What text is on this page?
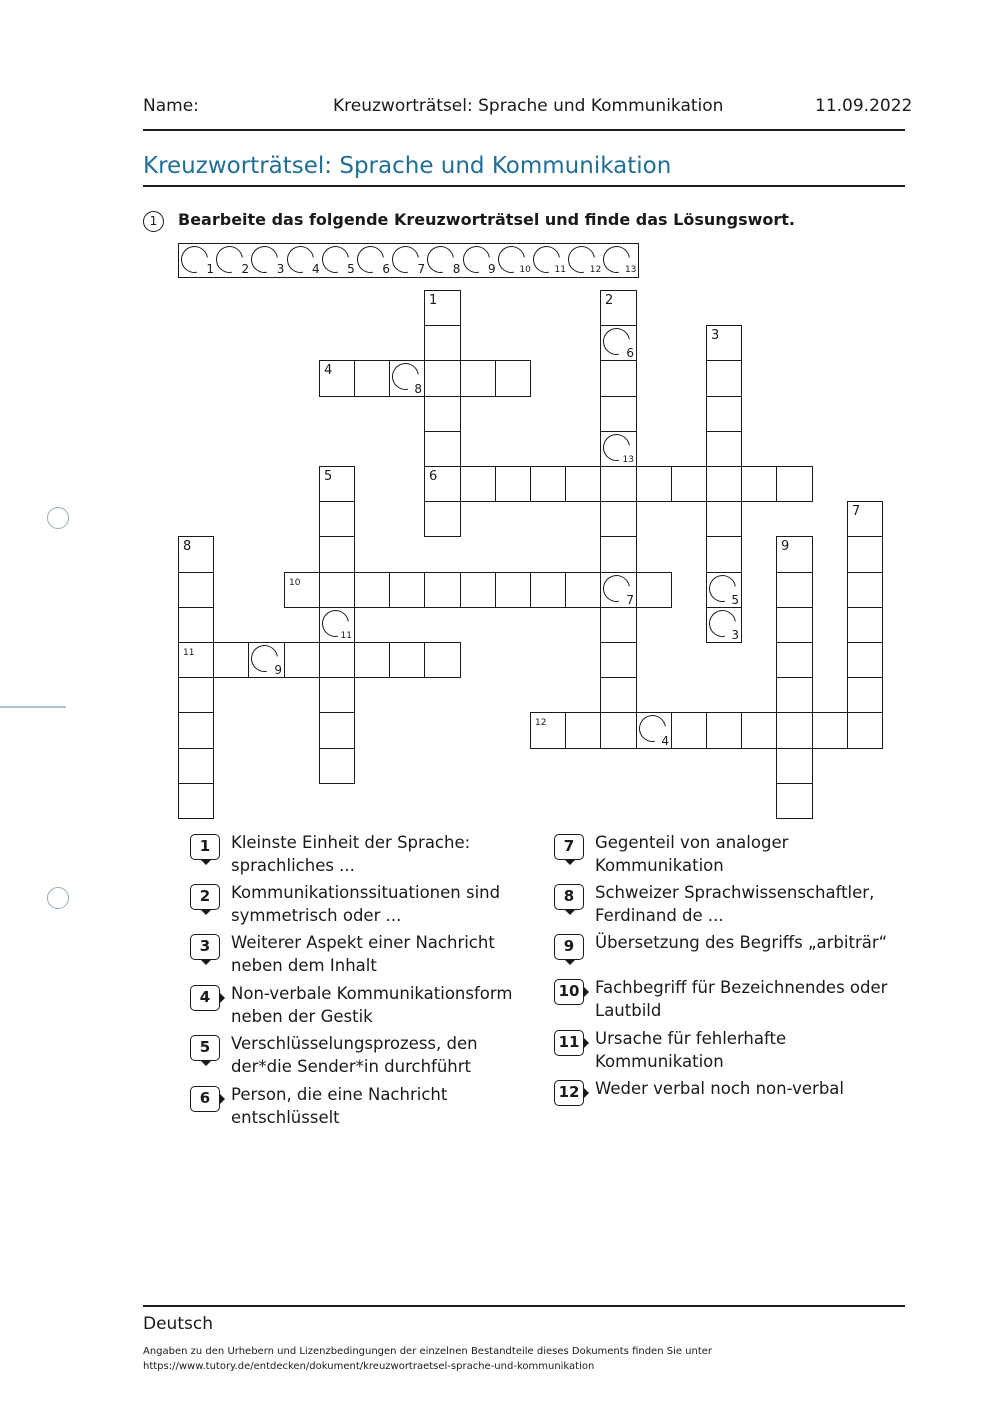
Name:	Kreuzworträtsel: Sprache und Kommunikation	11.09.2022
Kreuzworträtsel: Sprache und Kommunikation
1	Bearbeite das folgende Kreuzworträtsel und finde das Lösungswort.
1 2 3 4 5 6 7 8 9	10	11	12	13
1
6
2
6
13
7
3
5
3
4
8
5
11
7
8	9
10
11
9
12
4
1	Kleinste Einheit der Sprache: sprachliches ...
2	Kommunikationssituationen sind symmetrisch oder ...
3	Weiterer Aspekt einer Nachricht neben dem Inhalt
4	Non-verbale Kommunikationsform neben der Gestik
5	Verschlüsselungsprozess, den der*die Sender*in durchführt
6	Person, die eine Nachricht entschlüsselt
7	Gegenteil von analoger Kommunikation
8	Schweizer Sprachwissenschaftler, Ferdinand de ...
9	Übersetzung des Begriffs „arbiträr“
10 Fachbegriff für Bezeichnendes oder Lautbild
11 Ursache für fehlerhafte Kommunikation
12 Weder verbal noch non-verbal
Deutsch
Angaben zu den Urhebern und Lizenzbedingungen der einzelnen Bestandteile dieses Dokuments finden Sie unter
https://www.tutory.de/entdecken/dokument/kreuzwortraetsel-sprache-und-kommunikation
